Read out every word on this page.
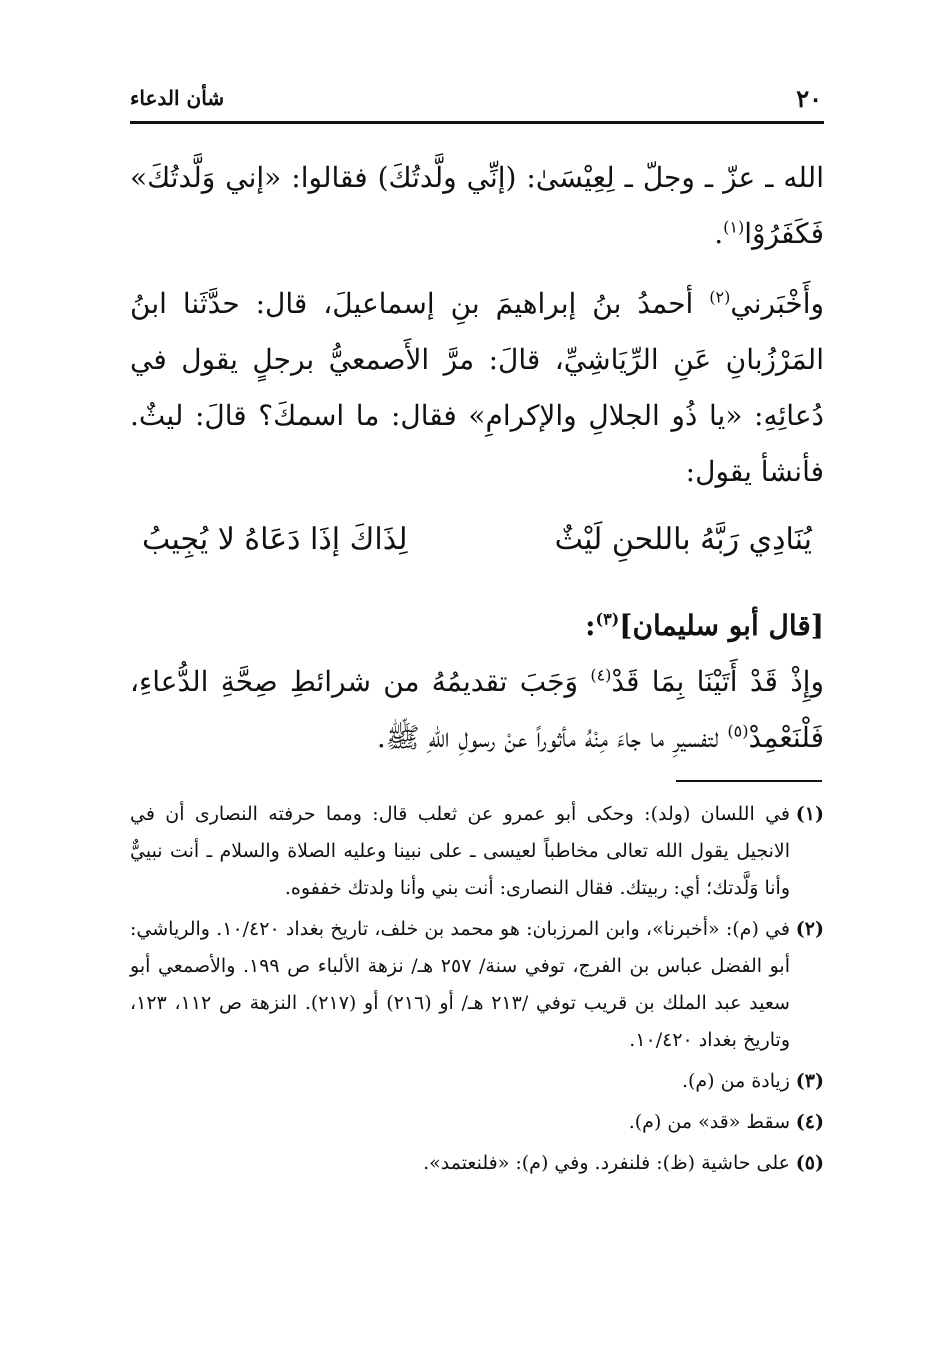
٢٠
شأن الدعاء

الله ـ عزّ ـ وجلّ ـ لِعِيْسَىٰ: (إنِّي ولَّدتُكَ) فقالوا: «إني وَلَّدتُكَ» فَكَفَرُوْا$^{(١)}$.

وأَخْبَرني$^{(٢)}$ أحمدُ بنُ إبراهيمَ بنِ إسماعيلَ، قال: حدَّثَنا ابنُ المَرْزُبانِ عَنِ الرِّيَاشِيِّ، قالَ: مرَّ الأَصمعيُّ برجلٍ يقول في دُعائِهِ: «يا ذُو الجلالِ والإكرامِ» فقال: ما اسمكَ؟ قالَ: ليثٌ. فأنشأ يقول:

يُنَادِي رَبَّهُ باللحنِ لَيْثٌ
لِذَاكَ إذَا دَعَاهُ لا يُجِيبُ

[قال أبو سليمان]$^{(٣)}$:

وإِذْ قَدْ أَتَيْنَا بِمَا قَدْ$^{(٤)}$ وَجَبَ تقديمُهُ من شرائطِ صِحَّةِ الدُّعاءِ، فَلْنَعْمِدْ$^{(٥)}$ لتفسيرِ ما جاءَ مِنْهُ مأثوراً عنْ رسولِ اللهِ ﷺ.

(١)
في اللسان (ولد): وحكى أبو عمرو عن ثعلب قال: ومما حرفته النصارى أن في الانجيل يقول الله تعالى مخاطباً لعيسى ـ على نبينا وعليه الصلاة والسلام ـ أنت نبييٌّ وأنا وَلَّدتك؛ أي: ربيتك. فقال النصارى: أنت بني وأنا ولدتك خففوه.
(٢)
في (م): «أخبرنا»، وابن المرزبان: هو محمد بن خلف، تاريخ بغداد ١٠/٤٢٠. والرياشي: أبو الفضل عباس بن الفرج، توفي سنة/ ٢٥٧ هـ/ نزهة الألباء ص ١٩٩. والأصمعي أبو سعيد عبد الملك بن قريب توفي /٢١٣ هـ/ أو (٢١٦) أو (٢١٧). النزهة ص ١١٢، ١٢٣، وتاريخ بغداد ١٠/٤٢٠.
(٣)
زيادة من (م).
(٤)
سقط «قد» من (م).
(٥)
على حاشية (ظ): فلنفرد. وفي (م): «فلنعتمد».
